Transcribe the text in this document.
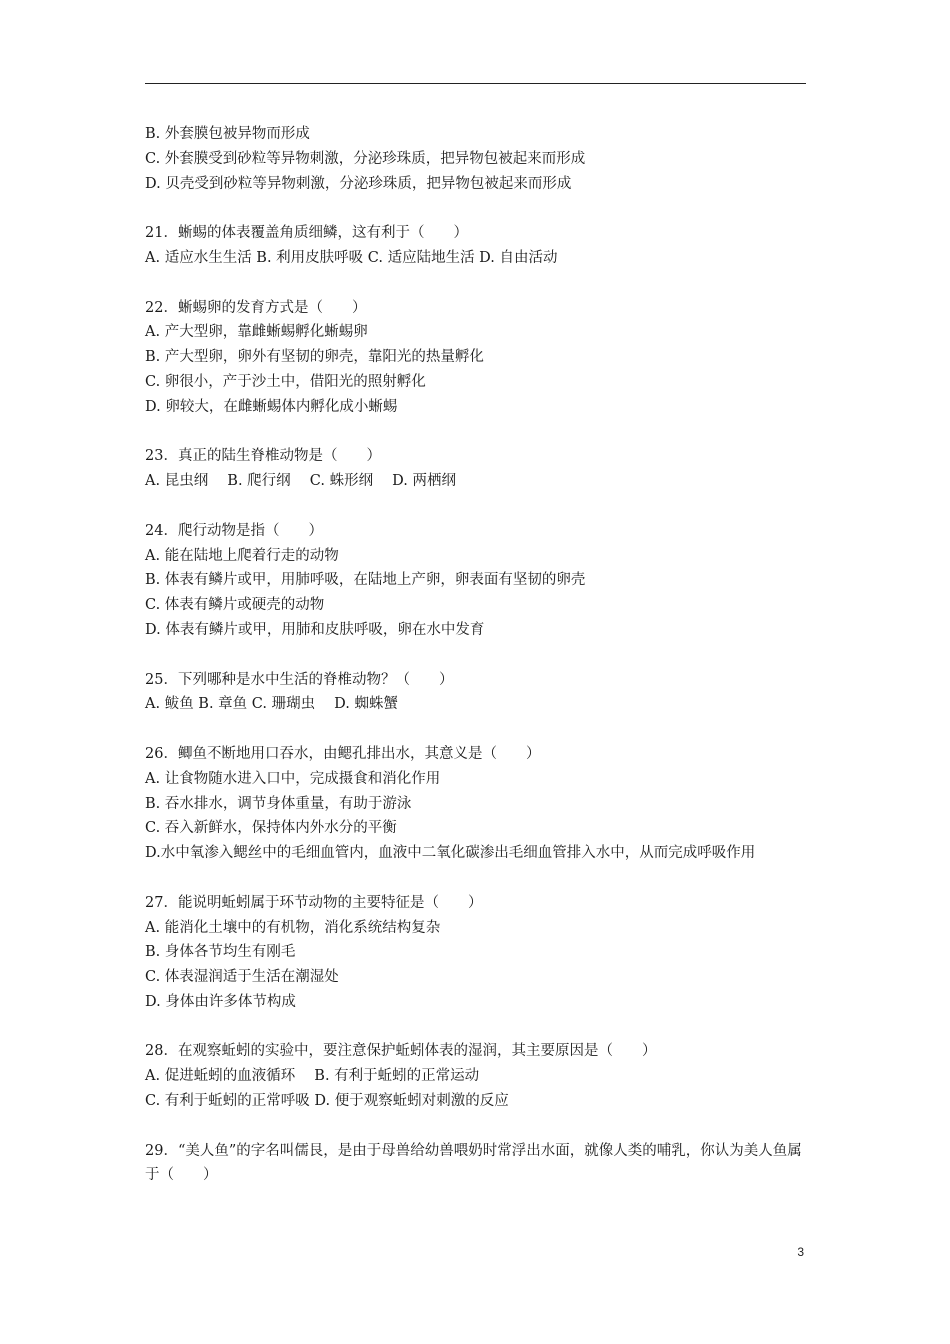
B. 外套膜包被异物而形成
C. 外套膜受到砂粒等异物刺激，分泌珍珠质，把异物包被起来而形成
D. 贝壳受到砂粒等异物刺激，分泌珍珠质，把异物包被起来而形成
21．蜥蜴的体表覆盖角质细鳞，这有利于（　　）
A. 适应水生生活 B. 利用皮肤呼吸 C. 适应陆地生活 D. 自由活动
22．蜥蜴卵的发育方式是（　　）
A. 产大型卵，靠雌蜥蜴孵化蜥蜴卵
B. 产大型卵，卵外有坚韧的卵壳，靠阳光的热量孵化
C. 卵很小，产于沙土中，借阳光的照射孵化
D. 卵较大，在雌蜥蜴体内孵化成小蜥蜴
23．真正的陆生脊椎动物是（　　）
A. 昆虫纲　 B. 爬行纲　 C. 蛛形纲　 D. 两栖纲
24．爬行动物是指（　　）
A. 能在陆地上爬着行走的动物
B. 体表有鳞片或甲，用肺呼吸，在陆地上产卵，卵表面有坚韧的卵壳
C. 体表有鳞片或硬壳的动物
D. 体表有鳞片或甲，用肺和皮肤呼吸，卵在水中发育
25．下列哪种是水中生活的脊椎动物？（　　）
A. 鲅鱼 B. 章鱼 C. 珊瑚虫　 D. 蜘蛛蟹
26．鲫鱼不断地用口吞水，由鳃孔排出水，其意义是（　　）
A. 让食物随水进入口中，完成摄食和消化作用
B. 吞水排水，调节身体重量，有助于游泳
C. 吞入新鲜水，保持体内外水分的平衡
D.水中氧渗入鳃丝中的毛细血管内，血液中二氧化碳渗出毛细血管排入水中，从而完成呼吸作用
27．能说明蚯蚓属于环节动物的主要特征是（　　）
A. 能消化土壤中的有机物，消化系统结构复杂
B. 身体各节均生有刚毛
C. 体表湿润适于生活在潮湿处
D. 身体由许多体节构成
28．在观察蚯蚓的实验中，要注意保护蚯蚓体表的湿润，其主要原因是（　　）
A. 促进蚯蚓的血液循环　 B. 有利于蚯蚓的正常运动
C. 有利于蚯蚓的正常呼吸 D. 便于观察蚯蚓对刺激的反应
29．“美人鱼”的字名叫儒艮，是由于母兽给幼兽喂奶时常浮出水面，就像人类的哺乳，你认为美人鱼属于（　　）
3
